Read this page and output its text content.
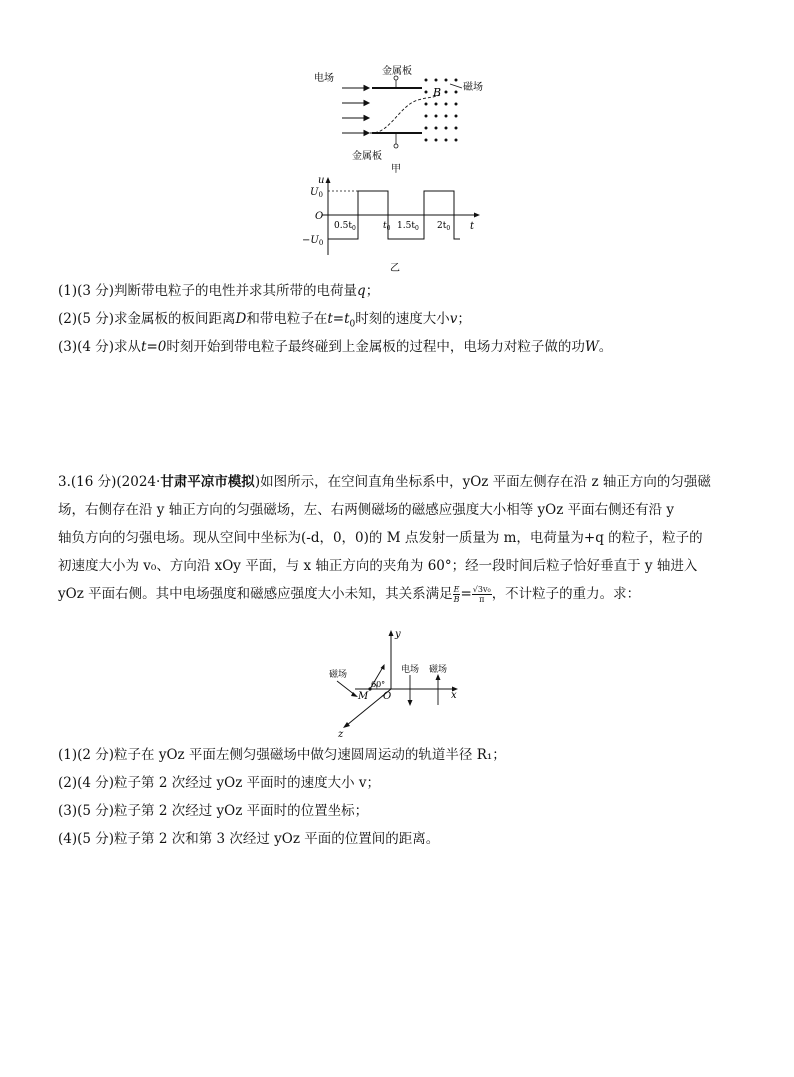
电场
金属板
金属板
B 磁场
甲
u
t
O
$U_0$
$-U_0$
$0.5t_0$	$t_0$ $1.5t_0$ $2t_0$
乙
(1)(3 分)判断带电粒子的电性并求其所带的电荷量q；
(2)(5 分)求金属板的板间距离D和带电粒子在$t=t_0$时刻的速度大小v；
(3)(4 分)求从t=0时刻开始到带电粒子最终碰到上金属板的过程中，电场力对粒子做的功W。
3.(16 分)(2024·甘肃平凉市模拟)如图所示，在空间直角坐标系中，yOz 平面左侧存在沿 z 轴正方向的匀强磁
场，右侧存在沿 y 轴正方向的匀强磁场，左、右两侧磁场的磁感应强度大小相等 yOz 平面右侧还有沿 y
轴负方向的匀强电场。现从空间中坐标为(-d，0，0)的 M 点发射一质量为 m，电荷量为+q 的粒子，粒子的
初速度大小为 v₀、方向沿 xOy 平面，与 x 轴正方向的夹角为 60°；经一段时间后粒子恰好垂直于 y 轴进入
yOz 平面右侧。其中电场强度和磁感应强度大小未知，其关系满足 $\frac{E}{B} = \frac{\text{√3v₀}}{\pi}$ ，不计粒子的重力。求：
y
x
z
O
M
60°
磁场	电场 磁场
(1)(2 分)粒子在 yOz 平面左侧匀强磁场中做匀速圆周运动的轨道半径 R₁；
(2)(4 分)粒子第 2 次经过 yOz 平面时的速度大小 v；
(3)(5 分)粒子第 2 次经过 yOz 平面时的位置坐标；
(4)(5 分)粒子第 2 次和第 3 次经过 yOz 平面的位置间的距离。
